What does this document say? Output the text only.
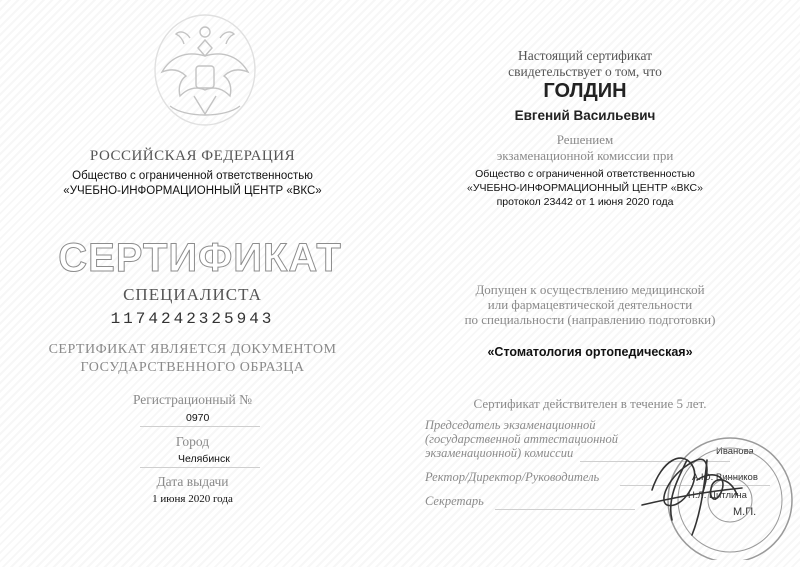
РОССИЙСКАЯ ФЕДЕРАЦИЯ
Общество с ограниченной ответственностью
«УЧЕБНО-ИНФОРМАЦИОННЫЙ ЦЕНТР «ВКС»
СЕРТИФИКАТ
СПЕЦИАЛИСТА
1174242325943
СЕРТИФИКАТ ЯВЛЯЕТСЯ ДОКУМЕНТОМ
ГОСУДАРСТВЕННОГО ОБРАЗЦА
Регистрационный №
0970
Город
Челябинск
Дата выдачи
1 июня 2020 года
Настоящий сертификат
свидетельствует о том, что
ГОЛДИН
Евгений Васильевич
Решением
экзаменационной комиссии при
Общество с ограниченной ответственностью
«УЧЕБНО-ИНФОРМАЦИОННЫЙ ЦЕНТР «ВКС»
протокол 23442 от 1 июня 2020 года
Допущен к осуществлению медицинской
или фармацевтической деятельности
по специальности (направлению подготовки)
«Стоматология ортопедическая»
Сертификат действителен в течение 5 лет.
Председатель экзаменационной
(государственной аттестационной
экзаменационной) комиссии	Иванова
Ректор/Директор/Руководитель	А.Ю. Винников
Н.Л. Цитлина
Секретарь
М.П.
